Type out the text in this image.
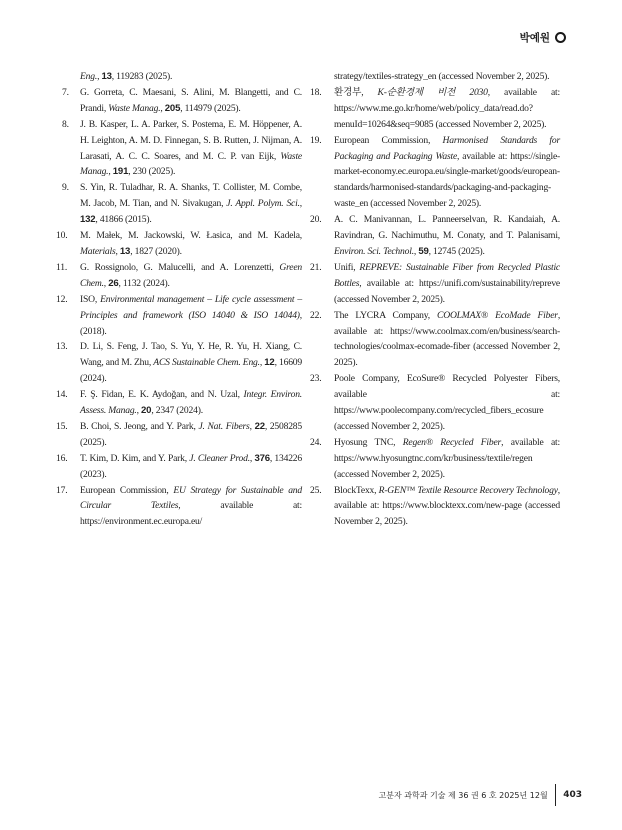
박예원
Eng., 13, 119283 (2025).
7. G. Gorreta, C. Maesani, S. Alini, M. Blangetti, and C. Prandi, Waste Manag., 205, 114979 (2025).
8. J. B. Kasper, L. A. Parker, S. Postema, E. M. Höppener, A. H. Leighton, A. M. D. Finnegan, S. B. Rutten, J. Nijman, A. Larasati, A. C. C. Soares, and M. C. P. van Eijk, Waste Manag., 191, 230 (2025).
9. S. Yin, R. Tuladhar, R. A. Shanks, T. Collister, M. Combe, M. Jacob, M. Tian, and N. Sivakugan, J. Appl. Polym. Sci., 132, 41866 (2015).
10. M. Małek, M. Jackowski, W. Łasica, and M. Kadela, Materials, 13, 1827 (2020).
11. G. Rossignolo, G. Malucelli, and A. Lorenzetti, Green Chem., 26, 1132 (2024).
12. ISO, Environmental management – Life cycle assessment – Principles and framework (ISO 14040 & ISO 14044), (2018).
13. D. Li, S. Feng, J. Tao, S. Yu, Y. He, R. Yu, H. Xiang, C. Wang, and M. Zhu, ACS Sustainable Chem. Eng., 12, 16609 (2024).
14. F. Ş. Fidan, E. K. Aydoğan, and N. Uzal, Integr. Environ. Assess. Manag., 20, 2347 (2024).
15. B. Choi, S. Jeong, and Y. Park, J. Nat. Fibers, 22, 2508285 (2025).
16. T. Kim, D. Kim, and Y. Park, J. Cleaner Prod., 376, 134226 (2023).
17. European Commission, EU Strategy for Sustainable and Circular Textiles, available at: https://environment.ec.europa.eu/
strategy/textiles-strategy_en (accessed November 2, 2025).
18. 환경부, K-순환경제 비전 2030, available at: https://www.me.go.kr/home/web/policy_data/read.do?menuId=10264&seq=9085 (accessed November 2, 2025).
19. European Commission, Harmonised Standards for Packaging and Packaging Waste, available at: https://single-market-economy.ec.europa.eu/single-market/goods/european-standards/harmonised-standards/packaging-and-packaging-waste_en (accessed November 2, 2025).
20. A. C. Manivannan, L. Panneerselvan, R. Kandaiah, A. Ravindran, G. Nachimuthu, M. Conaty, and T. Palanisami, Environ. Sci. Technol., 59, 12745 (2025).
21. Unifi, REPREVE: Sustainable Fiber from Recycled Plastic Bottles, available at: https://unifi.com/sustainability/repreve (accessed November 2, 2025).
22. The LYCRA Company, COOLMAX® EcoMade Fiber, available at: https://www.coolmax.com/en/business/search-technologies/coolmax-ecomade-fiber (accessed November 2, 2025).
23. Poole Company, EcoSure® Recycled Polyester Fibers, available at: https://www.poolecompany.com/recycled_fibers_ecosure (accessed November 2, 2025).
24. Hyosung TNC, Regen® Recycled Fiber, available at: https://www.hyosungtnc.com/kr/business/textile/regen (accessed November 2, 2025).
25. BlockTexx, R-GEN™ Textile Resource Recovery Technology, available at: https://www.blocktexx.com/new-page (accessed November 2, 2025).
고분자 과학과 기술 제 36 권 6 호 2025년 12월 403
